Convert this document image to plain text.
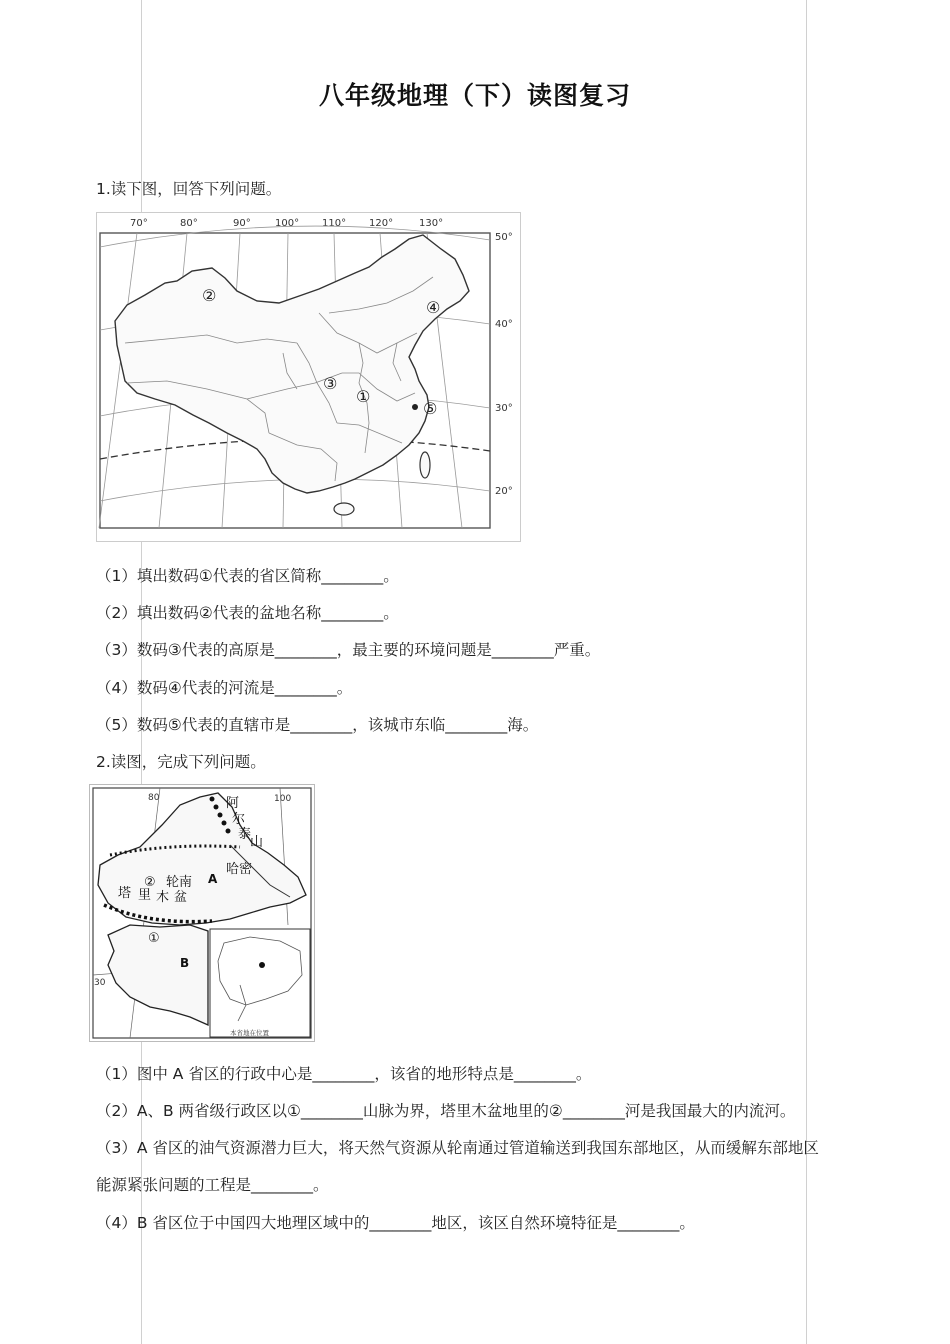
八年级地理（下）读图复习
1.读下图，回答下列问题。
70°	80°	90° 100° 110° 120°	130°
50°
40°
30°
20°
②
④
③
①
⑤
（1）填出数码①代表的省区简称________。
（2）填出数码②代表的盆地名称________。
（3）数码③代表的高原是________，最主要的环境问题是________严重。
（4）数码④代表的河流是________。
（5）数码⑤代表的直辖市是________，该城市东临________海。
2.读图，完成下列问题。
80	100
30
阿
尔
泰
山
哈密
轮南 A
②
塔 里 木 盆
①
B
本省地在位置
（1）图中 A 省区的行政中心是________，该省的地形特点是________。
（2）A、B 两省级行政区以①________山脉为界，塔里木盆地里的②________河是我国最大的内流河。
（3）A 省区的油气资源潜力巨大，将天然气资源从轮南通过管道输送到我国东部地区，从而缓解东部地区
能源紧张问题的工程是________。
（4）B 省区位于中国四大地理区域中的________地区，该区自然环境特征是________。
